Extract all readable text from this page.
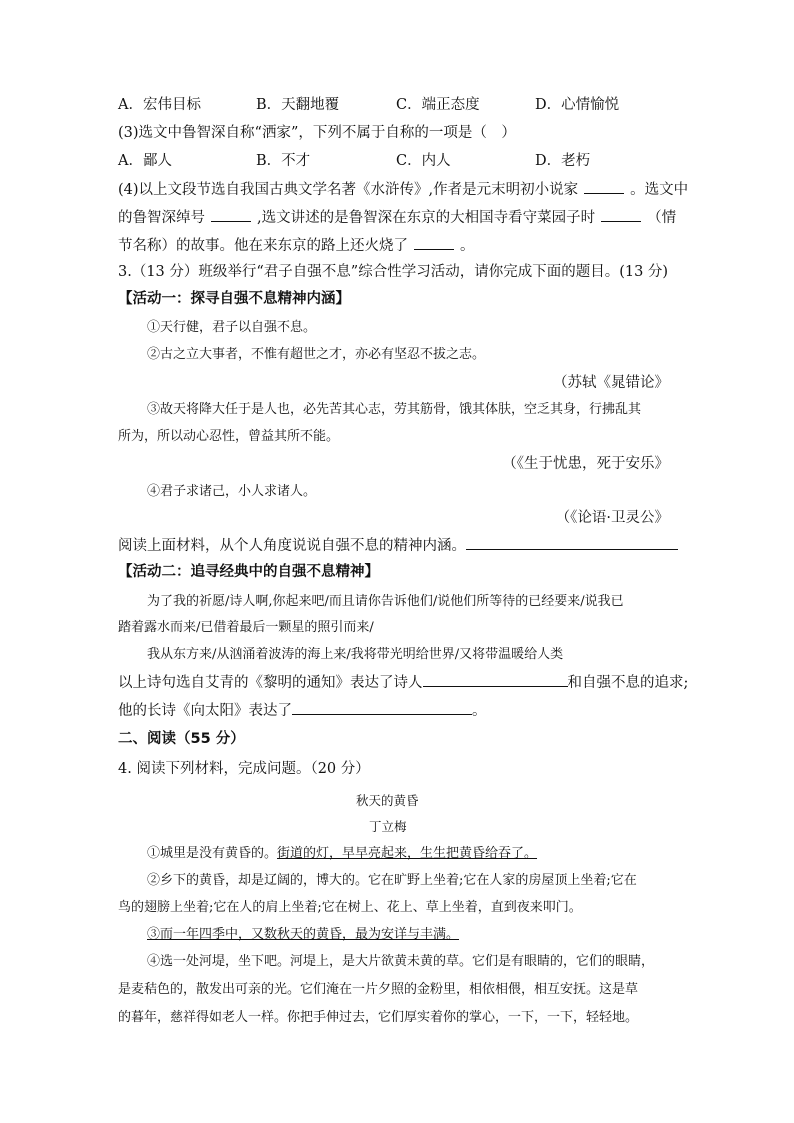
A．宏伟目标	B．天翻地覆	C．端正态度	D．心情愉悦
(3)选文中鲁智深自称“洒家”，下列不属于自称的一项是（　）
A．鄙人	B．不才	C．内人	D．老朽
(4)以上文段节选自我国古典文学名著《水浒传》,作者是元末明初小说家	。选文中
的鲁智深绰号	,选文讲述的是鲁智深在东京的大相国寺看守菜园子时	（情
节名称）的故事。他在来东京的路上还火烧了	。
3.（13 分）班级举行“君子自强不息”综合性学习活动，请你完成下面的题目。(13 分)
【活动一：探寻自强不息精神内涵】
①天行健，君子以自强不息。
②古之立大事者，不惟有超世之才，亦必有坚忍不拔之志。
（苏轼《晁错论》
③故天将降大任于是人也，必先苦其心志，劳其筋骨，饿其体肤，空乏其身，行拂乱其
所为，所以动心忍性，曾益其所不能。
（《生于忧患，死于安乐》
④君子求诸己，小人求诸人。
（《论语·卫灵公》
阅读上面材料，从个人角度说说自强不息的精神内涵。
【活动二：追寻经典中的自强不息精神】
为了我的祈愿/诗人啊,你起来吧/而且请你告诉他们/说他们所等待的已经要来/说我已
踏着露水而来/已借着最后一颗星的照引而来/
我从东方来/从汹涌着波涛的海上来/我将带光明给世界/又将带温暖给人类
以上诗句选自艾青的《黎明的通知》表达了诗人	和自强不息的追求;
他的长诗《向太阳》表达了	。
二、阅读（55 分）
4. 阅读下列材料，完成问题。（20 分）
秋天的黄昏
丁立梅
①城里是没有黄昏的。街道的灯，早早亮起来，生生把黄昏给吞了。
②乡下的黄昏，却是辽阔的，博大的。它在旷野上坐着;它在人家的房屋顶上坐着;它在
鸟的翅膀上坐着;它在人的肩上坐着;它在树上、花上、草上坐着，直到夜来叩门。
③而一年四季中，又数秋天的黄昏，最为安详与丰满。
④选一处河堤，坐下吧。河堤上，是大片欲黄未黄的草。它们是有眼睛的，它们的眼睛，
是麦秸色的，散发出可亲的光。它们淹在一片夕照的金粉里，相依相偎，相互安抚。这是草
的暮年，慈祥得如老人一样。你把手伸过去，它们厚实着你的掌心，一下，一下，轻轻地。
